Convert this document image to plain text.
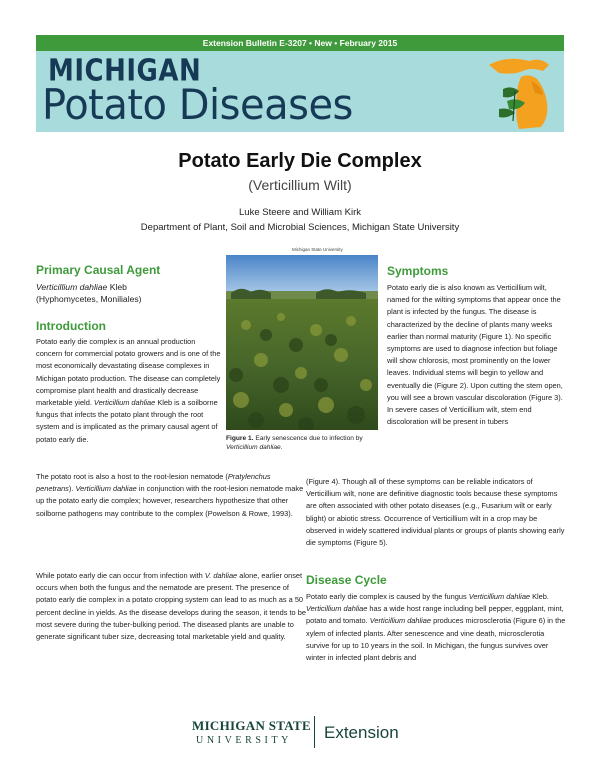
Extension Bulletin E-3207 • New • February 2015
MICHIGAN
Potato Diseases
Potato Early Die Complex
(Verticillium Wilt)
Luke Steere and William Kirk
Department of Plant, Soil and Microbial Sciences, Michigan State University
Primary Causal Agent

Verticillium dahliae Kleb
(Hyphomycetes, Moniliales)

Introduction

Potato early die complex is an annual production concern for commercial potato growers and is one of the most economically devastating disease complexes in Michigan potato production. The disease can completely compromise plant health and drastically decrease marketable yield. Verticillium dahliae Kleb is a soilborne fungus that infects the potato plant through the root system and is implicated as the primary causal agent of potato early die.

The potato root is also a host to the root-lesion nematode (Pratylenchus penetrans). Verticillium dahliae in conjunction with the root-lesion nematode make up the potato early die complex; however, researchers hypothesize that other soilborne pathogens may contribute to the complex (Powelson & Rowe, 1993).

While potato early die can occur from infection with V. dahliae alone, earlier onset occurs when both the fungus and the nematode are present. The presence of potato early die complex in a potato cropping system can lead to as much as a 50 percent decline in yields. As the disease develops during the season, it tends to be most severe during the tuber-bulking period. The diseased plants are unable to generate significant tuber size, decreasing total marketable yield and quality.

Michigan State University
Figure 1. Early senescence due to infection by Verticillium dahliae.
Symptoms

Potato early die is also known as Verticillium wilt, named for the wilting symptoms that appear once the plant is infected by the fungus. The disease is characterized by the decline of plants many weeks earlier than normal maturity (Figure 1). No specific symptoms are used to diagnose infection but foliage will show chlorosis, most prominently on the lower leaves. Individual stems will begin to yellow and eventually die (Figure 2). Upon cutting the stem open, you will see a brown vascular discoloration (Figure 3). In severe cases of Verticillium wilt, stem end discoloration will be present in tubers

(Figure 4). Though all of these symptoms can be reliable indicators of Verticillium wilt, none are definitive diagnostic tools because these symptoms are often associated with other potato diseases (e.g., Fusarium wilt or early blight) or abiotic stress. Occurrence of Verticillium wilt in a crop may be observed in widely scattered individual plants or groups of plants showing early die symptoms (Figure 5).

Disease Cycle

Potato early die complex is caused by the fungus Verticillium dahliae Kleb. Verticillium dahliae has a wide host range including bell pepper, eggplant, mint, potato and tomato. Verticillium dahliae produces microsclerotia (Figure 6) in the xylem of infected plants. After senescence and vine death, microsclerotia survive for up to 10 years in the soil. In Michigan, the fungus survives over winter in infected plant debris and

MICHIGAN STATE
UNIVERSITY Extension
